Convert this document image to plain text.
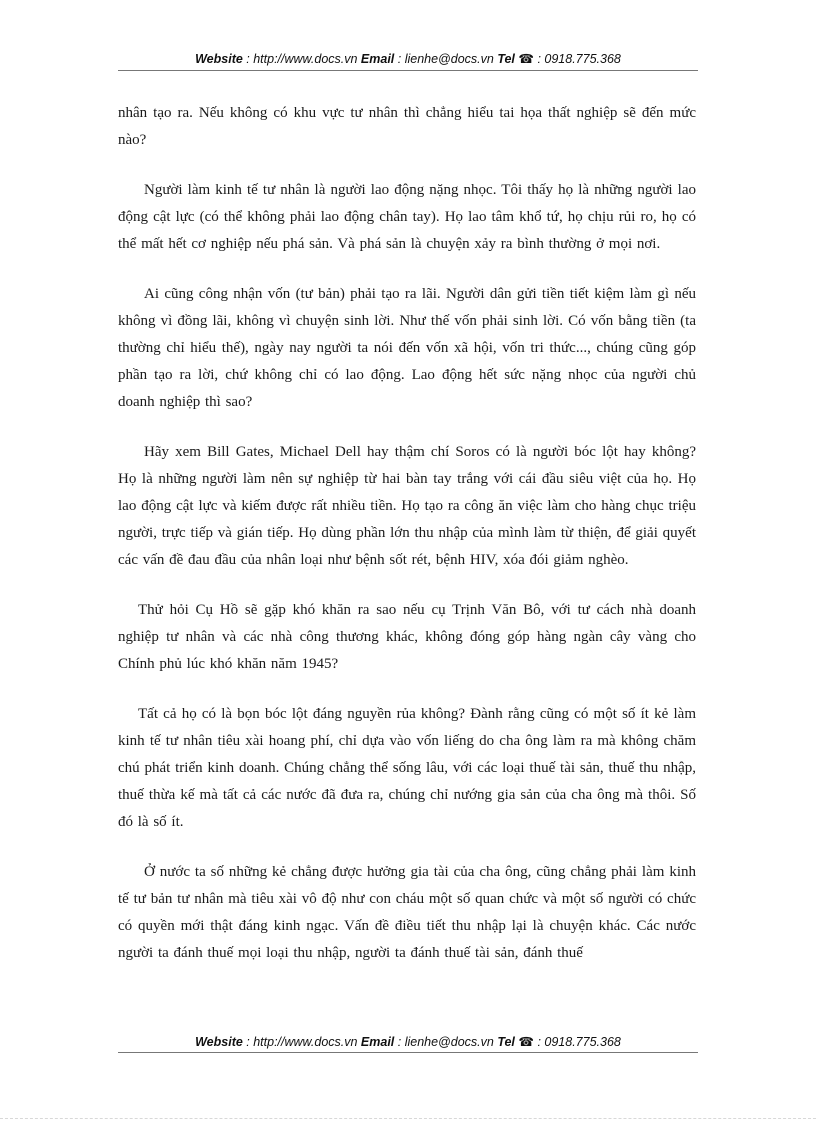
Website : http://www.docs.vn Email : lienhe@docs.vn Tel ☎ : 0918.775.368

nhân tạo ra. Nếu không có khu vực tư nhân thì chẳng hiểu tai họa thất nghiệp sẽ đến mức nào?

Người làm kinh tế tư nhân là người lao động nặng nhọc. Tôi thấy họ là những người lao động cật lực (có thể không phải lao động chân tay). Họ lao tâm khổ tứ, họ chịu rủi ro, họ có thể mất hết cơ nghiệp nếu phá sản. Và phá sản là chuyện xảy ra bình thường ở mọi nơi.

Ai cũng công nhận vốn (tư bản) phải tạo ra lãi. Người dân gửi tiền tiết kiệm làm gì nếu không vì đồng lãi, không vì chuyện sinh lời. Như thế vốn phải sinh lời. Có vốn bằng tiền (ta thường chỉ hiểu thế), ngày nay người ta nói đến vốn xã hội, vốn tri thức..., chúng cũng góp phần tạo ra lời, chứ không chỉ có lao động. Lao động hết sức nặng nhọc của người chủ doanh nghiệp thì sao?

Hãy xem Bill Gates, Michael Dell hay thậm chí Soros có là người bóc lột hay không? Họ là những người làm nên sự nghiệp từ hai bàn tay trắng với cái đầu siêu việt của họ. Họ lao động cật lực và kiếm được rất nhiều tiền. Họ tạo ra công ăn việc làm cho hàng chục triệu người, trực tiếp và gián tiếp. Họ dùng phần lớn thu nhập của mình làm từ thiện, để giải quyết các vấn đề đau đầu của nhân loại như bệnh sốt rét, bệnh HIV, xóa đói giảm nghèo.

Thử hỏi Cụ Hồ sẽ gặp khó khăn ra sao nếu cụ Trịnh Văn Bô, với tư cách nhà doanh nghiệp tư nhân và các nhà công thương khác, không đóng góp hàng ngàn cây vàng cho Chính phủ lúc khó khăn năm 1945?

Tất cả họ có là bọn bóc lột đáng nguyền rủa không? Đành rằng cũng có một số ít kẻ làm kinh tế tư nhân tiêu xài hoang phí, chỉ dựa vào vốn liếng do cha ông làm ra mà không chăm chú phát triển kinh doanh. Chúng chẳng thể sống lâu, với các loại thuế tài sản, thuế thu nhập, thuế thừa kế mà tất cả các nước đã đưa ra, chúng chỉ nướng gia sản của cha ông mà thôi. Số đó là số ít.

Ở nước ta số những kẻ chẳng được hưởng gia tài của cha ông, cũng chẳng phải làm kinh tế tư bản tư nhân mà tiêu xài vô độ như con cháu một số quan chức và một số người có chức có quyền mới thật đáng kinh ngạc. Vấn đề điều tiết thu nhập lại là chuyện khác. Các nước người ta đánh thuế mọi loại thu nhập, người ta đánh thuế tài sản, đánh thuế

Website : http://www.docs.vn Email : lienhe@docs.vn Tel ☎ : 0918.775.368
